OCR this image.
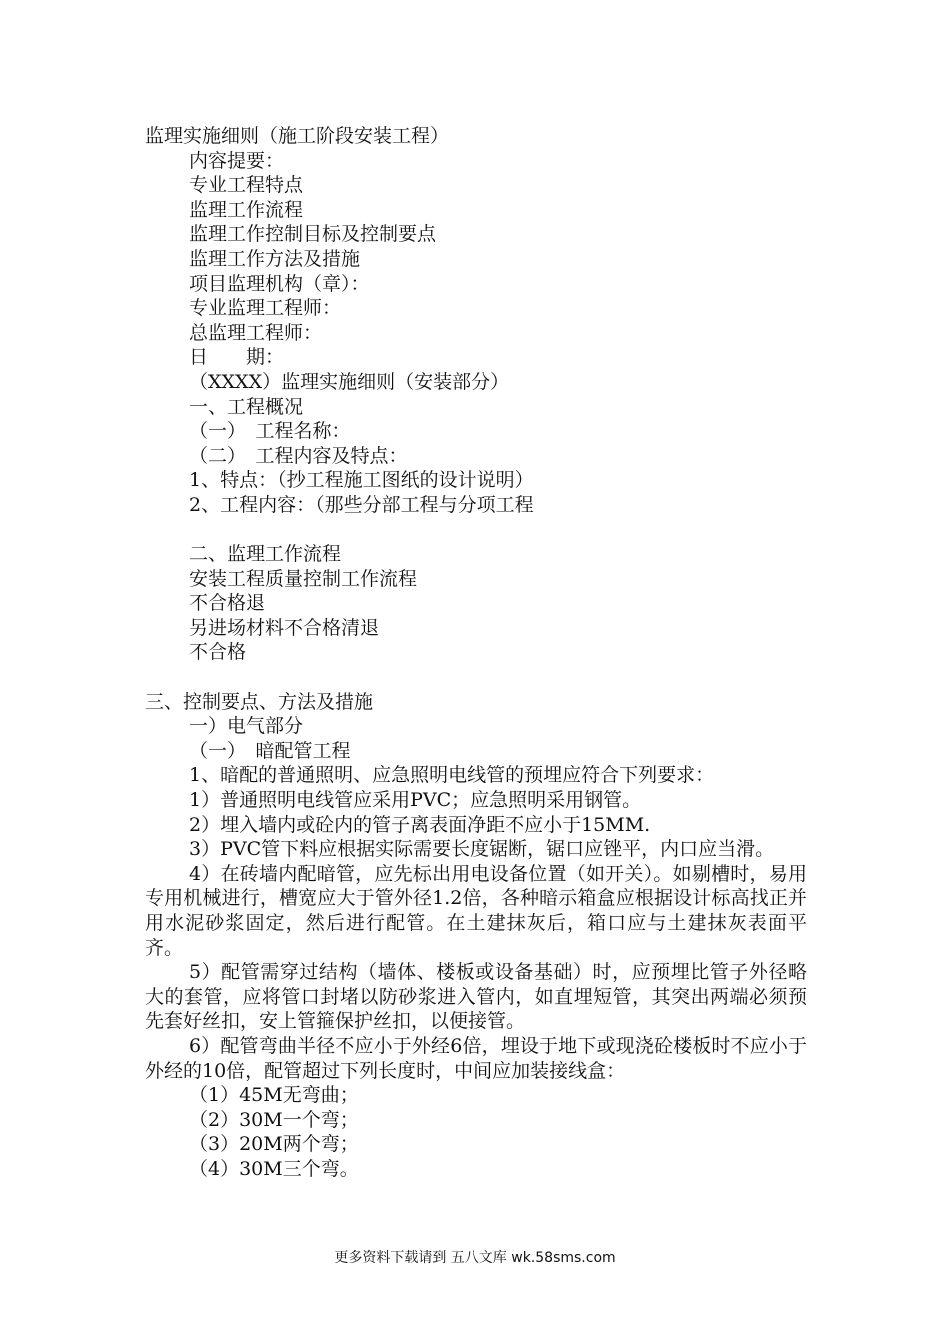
监理实施细则（施工阶段安装工程）
内容提要：
专业工程特点
监理工作流程
监理工作控制目标及控制要点
监理工作方法及措施
项目监理机构（章）：
专业监理工程师：
总监理工程师：
日　　期：
（XXXX）监理实施细则（安装部分）
一、工程概况
（一）　工程名称：
（二）　工程内容及特点：
1、特点：（抄工程施工图纸的设计说明）
2、工程内容：（那些分部工程与分项工程
二、监理工作流程
安装工程质量控制工作流程
不合格退
另进场材料不合格清退
不合格
三、控制要点、方法及措施
一）电气部分
（一）　暗配管工程
1、暗配的普通照明、应急照明电线管的预埋应符合下列要求：
1）普通照明电线管应采用PVC；应急照明采用钢管。
2）埋入墙内或砼内的管子离表面净距不应小于15MM.
3）PVC管下料应根据实际需要长度锯断，锯口应锉平，内口应当滑。
4）在砖墙内配暗管，应先标出用电设备位置（如开关）。如剔槽时，易用专用机械进行，槽宽应大于管外径1.2倍，各种暗示箱盒应根据设计标高找正并用水泥砂浆固定，然后进行配管。在土建抹灰后，箱口应与土建抹灰表面平齐。
5）配管需穿过结构（墙体、楼板或设备基础）时，应预埋比管子外径略大的套管，应将管口封堵以防砂浆进入管内，如直埋短管，其突出两端必须预先套好丝扣，安上管箍保护丝扣，以便接管。
6）配管弯曲半径不应小于外经6倍，埋设于地下或现浇砼楼板时不应小于外经的10倍，配管超过下列长度时，中间应加装接线盒：
（1）45M无弯曲；
（2）30M一个弯；
（3）20M两个弯；
（4）30M三个弯。
更多资料下载请到 五八文库 wk.58sms.com
